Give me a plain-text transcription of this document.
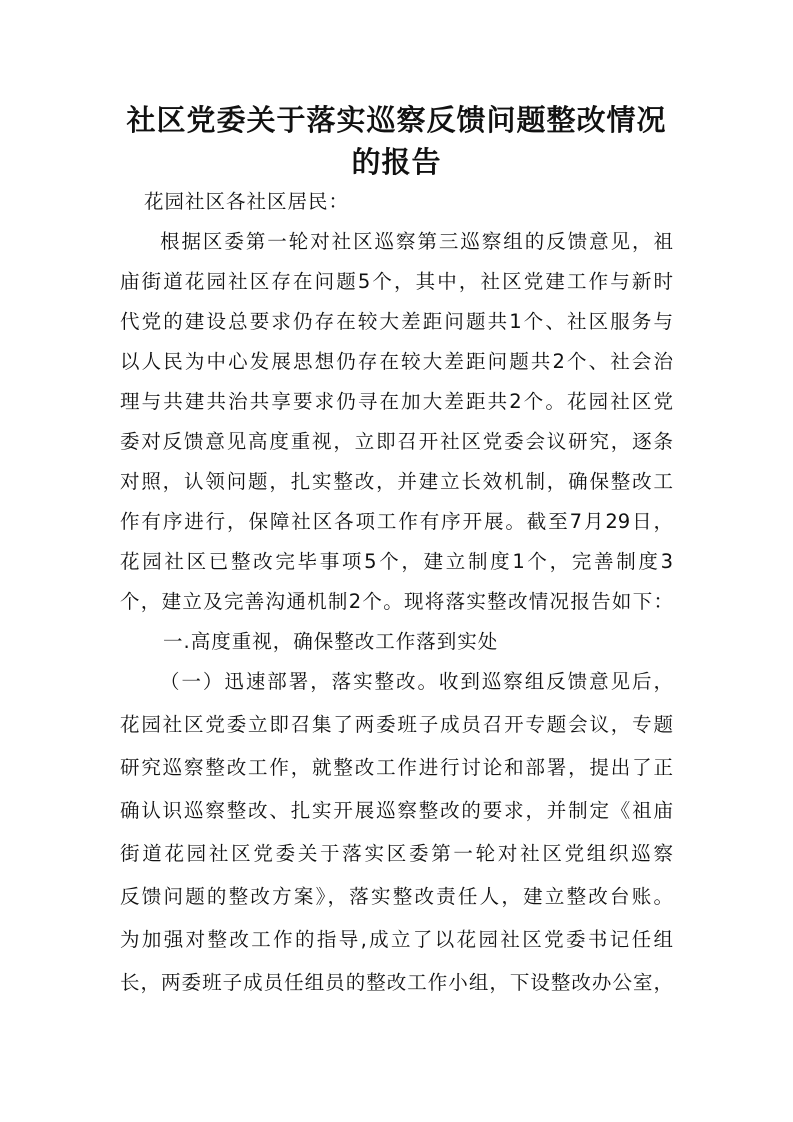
社区党委关于落实巡察反馈问题整改情况
的报告
花园社区各社区居民：
根据区委第一轮对社区巡察第三巡察组的反馈意见，祖
庙街道花园社区存在问题5个，其中，社区党建工作与新时
代党的建设总要求仍存在较大差距问题共1个、社区服务与
以人民为中心发展思想仍存在较大差距问题共2个、社会治
理与共建共治共享要求仍寻在加大差距共2个。花园社区党
委对反馈意见高度重视，立即召开社区党委会议研究，逐条
对照，认领问题，扎实整改，并建立长效机制，确保整改工
作有序进行，保障社区各项工作有序开展。截至7月29日，
花园社区已整改完毕事项5个，建立制度1个，完善制度3
个，建立及完善沟通机制2个。现将落实整改情况报告如下：
一.高度重视，确保整改工作落到实处
（一）迅速部署，落实整改。收到巡察组反馈意见后，
花园社区党委立即召集了两委班子成员召开专题会议，专题
研究巡察整改工作，就整改工作进行讨论和部署，提出了正
确认识巡察整改、扎实开展巡察整改的要求，并制定《祖庙
街道花园社区党委关于落实区委第一轮对社区党组织巡察
反馈问题的整改方案》，落实整改责任人，建立整改台账。
为加强对整改工作的指导,成立了以花园社区党委书记任组
长，两委班子成员任组员的整改工作小组，下设整改办公室，
